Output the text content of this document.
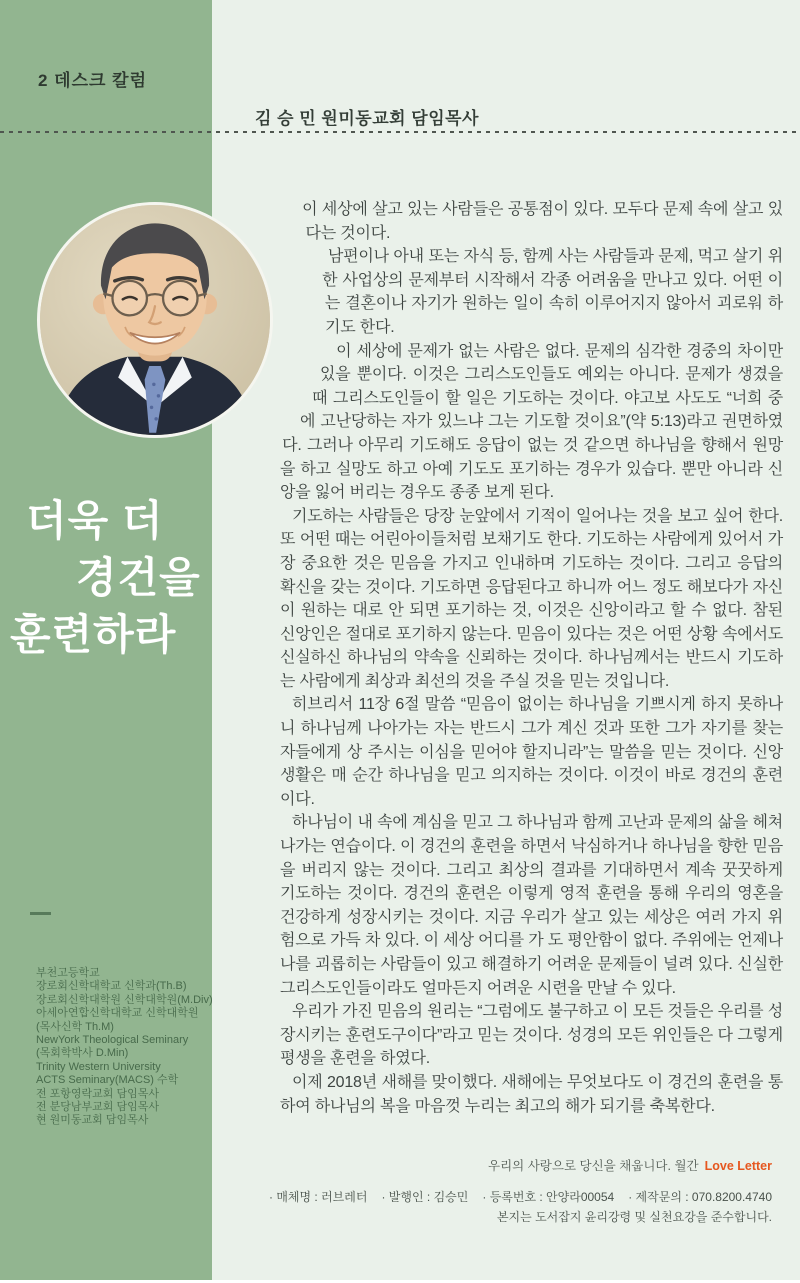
2 데스크 칼럼
김 승 민 원미동교회 담임목사
더욱 더
경건을
훈련하라
부천고등학교
장로회신학대학교 신학과(Th.B)
장로회신학대학원 신학대학원(M.Div)
아세아연합신학대학교 신학대학원
(목사신학 Th.M)
NewYork Theological Seminary
(목회학박사 D.Min)
Trinity Western University
ACTS Seminary(MACS) 수학
전 포항영락교회 담임목사
전 분당남부교회 담임목사
현 원미동교회 담임목사

이 세상에 살고 있는 사람들은 공통점이 있다. 모두다 문제 속에 살고 있다는 것이다.

남편이나 아내 또는 자식 등, 함께 사는 사람들과 문제, 먹고 살기 위한 사업상의 문제부터 시작해서 각종 어려움을 만나고 있다. 어떤 이는 결혼이나 자기가 원하는 일이 속히 이루어지지 않아서 괴로워 하기도 한다.

이 세상에 문제가 없는 사람은 없다. 문제의 심각한 경중의 차이만 있을 뿐이다. 이것은 그리스도인들도 예외는 아니다. 문제가 생겼을 때 그리스도인들이 할 일은 기도하는 것이다. 야고보 사도도 “너희 중에 고난당하는 자가 있느냐 그는 기도할 것이요”(약 5:13)라고 권면하였다. 그러나 아무리 기도해도 응답이 없는 것 같으면 하나님을 향해서 원망을 하고 실망도 하고 아예 기도도 포기하는 경우가 있습다. 뿐만 아니라 신앙을 잃어 버리는 경우도 종종 보게 된다.

기도하는 사람들은 당장 눈앞에서 기적이 일어나는 것을 보고 싶어 한다. 또 어떤 때는 어린아이들처럼 보채기도 한다. 기도하는 사람에게 있어서 가장 중요한 것은 믿음을 가지고 인내하며 기도하는 것이다. 그리고 응답의 확신을 갖는 것이다. 기도하면 응답된다고 하니까 어느 정도 해보다가 자신이 원하는 대로 안 되면 포기하는 것, 이것은 신앙이라고 할 수 없다. 참된 신앙인은 절대로 포기하지 않는다. 믿음이 있다는 것은 어떤 상황 속에서도 신실하신 하나님의 약속을 신뢰하는 것이다. 하나님께서는 반드시 기도하는 사람에게 최상과 최선의 것을 주실 것을 믿는 것입니다.

히브리서 11장 6절 말씀 “믿음이 없이는 하나님을 기쁘시게 하지 못하나니 하나님께 나아가는 자는 반드시 그가 계신 것과 또한 그가 자기를 찾는 자들에게 상 주시는 이심을 믿어야 할지니라”는 말씀을 믿는 것이다. 신앙생활은 매 순간 하나님을 믿고 의지하는 것이다. 이것이 바로 경건의 훈련이다.

하나님이 내 속에 계심을 믿고 그 하나님과 함께 고난과 문제의 삶을 헤쳐 나가는 연습이다. 이 경건의 훈련을 하면서 낙심하거나 하나님을 향한 믿음을 버리지 않는 것이다. 그리고 최상의 결과를 기대하면서 계속 꿋꿋하게 기도하는 것이다. 경건의 훈련은 이렇게 영적 훈련을 통해 우리의 영혼을 건강하게 성장시키는 것이다. 지금 우리가 살고 있는 세상은 여러 가지 위험으로 가득 차 있다. 이 세상 어디를 가 도 평안함이 없다. 주위에는 언제나 나를 괴롭히는 사람들이 있고 해결하기 어려운 문제들이 널려 있다. 신실한 그리스도인들이라도 얼마든지 어려운 시련을 만날 수 있다.

우리가 가진 믿음의 원리는 “그럼에도 불구하고 이 모든 것들은 우리를 성장시키는 훈련도구이다”라고 믿는 것이다. 성경의 모든 위인들은 다 그렇게 평생을 훈련을 하였다.

이제 2018년 새해를 맞이했다. 새해에는 무엇보다도 이 경건의 훈련을 통하여 하나님의 복을 마음껏 누리는 최고의 해가 되기를 축복한다.

우리의 사랑으로 당신을 채웁니다. 월간 Love Letter
· 매체명 : 러브레터 · 발행인 : 김승민 · 등록번호 : 안양라00054 · 제작문의 : 070.8200.4740
본지는 도서잡지 윤리강령 및 실천요강을 준수합니다.
